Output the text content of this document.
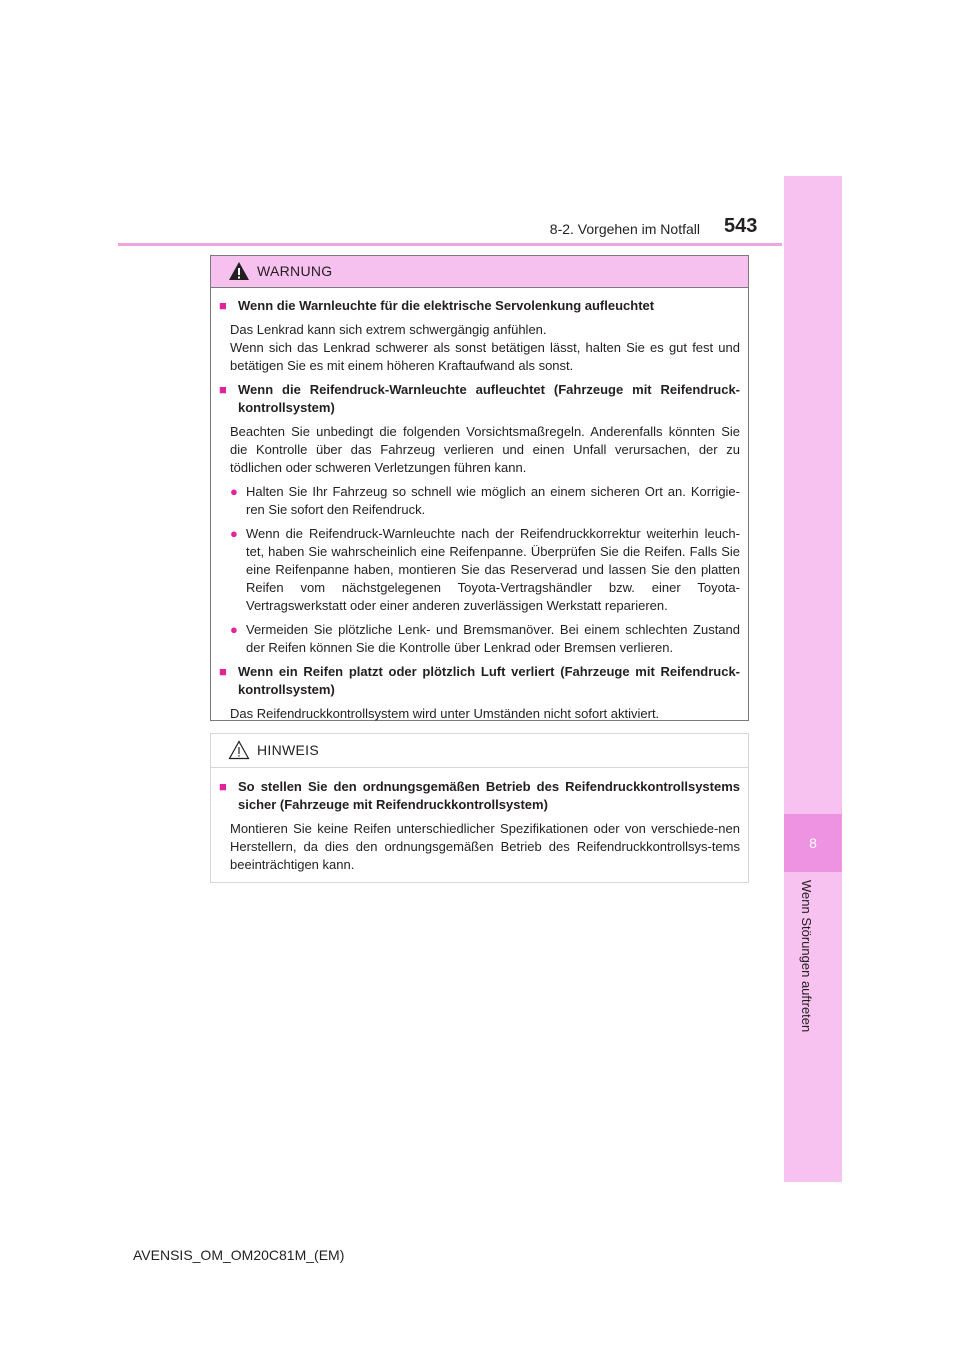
8-2. Vorgehen im Notfall 543
8
Wenn Störungen auftreten
WARNUNG
■ Wenn die Warnleuchte für die elektrische Servolenkung aufleuchtet
Das Lenkrad kann sich extrem schwergängig anfühlen.
Wenn sich das Lenkrad schwerer als sonst betätigen lässt, halten Sie es gut fest und betätigen Sie es mit einem höheren Kraftaufwand als sonst.
■ Wenn die Reifendruck-Warnleuchte aufleuchtet (Fahrzeuge mit Reifendruck-kontrollsystem)
Beachten Sie unbedingt die folgenden Vorsichtsmaßregeln. Anderenfalls könnten Sie die Kontrolle über das Fahrzeug verlieren und einen Unfall verursachen, der zu tödlichen oder schweren Verletzungen führen kann.
● Halten Sie Ihr Fahrzeug so schnell wie möglich an einem sicheren Ort an. Korrigie-ren Sie sofort den Reifendruck.
● Wenn die Reifendruck-Warnleuchte nach der Reifendruckkorrektur weiterhin leuch-tet, haben Sie wahrscheinlich eine Reifenpanne. Überprüfen Sie die Reifen. Falls Sie eine Reifenpanne haben, montieren Sie das Reserverad und lassen Sie den platten Reifen vom nächstgelegenen Toyota-Vertragshändler bzw. einer Toyota-Vertragswerkstatt oder einer anderen zuverlässigen Werkstatt reparieren.
● Vermeiden Sie plötzliche Lenk- und Bremsmanöver. Bei einem schlechten Zustand der Reifen können Sie die Kontrolle über Lenkrad oder Bremsen verlieren.
■ Wenn ein Reifen platzt oder plötzlich Luft verliert (Fahrzeuge mit Reifendruck-kontrollsystem)
Das Reifendruckkontrollsystem wird unter Umständen nicht sofort aktiviert.
HINWEIS
■ So stellen Sie den ordnungsgemäßen Betrieb des Reifendruckkontrollsystems sicher (Fahrzeuge mit Reifendruckkontrollsystem)
Montieren Sie keine Reifen unterschiedlicher Spezifikationen oder von verschiede-nen Herstellern, da dies den ordnungsgemäßen Betrieb des Reifendruckkontrollsys-tems beeinträchtigen kann.
AVENSIS_OM_OM20C81M_(EM)
